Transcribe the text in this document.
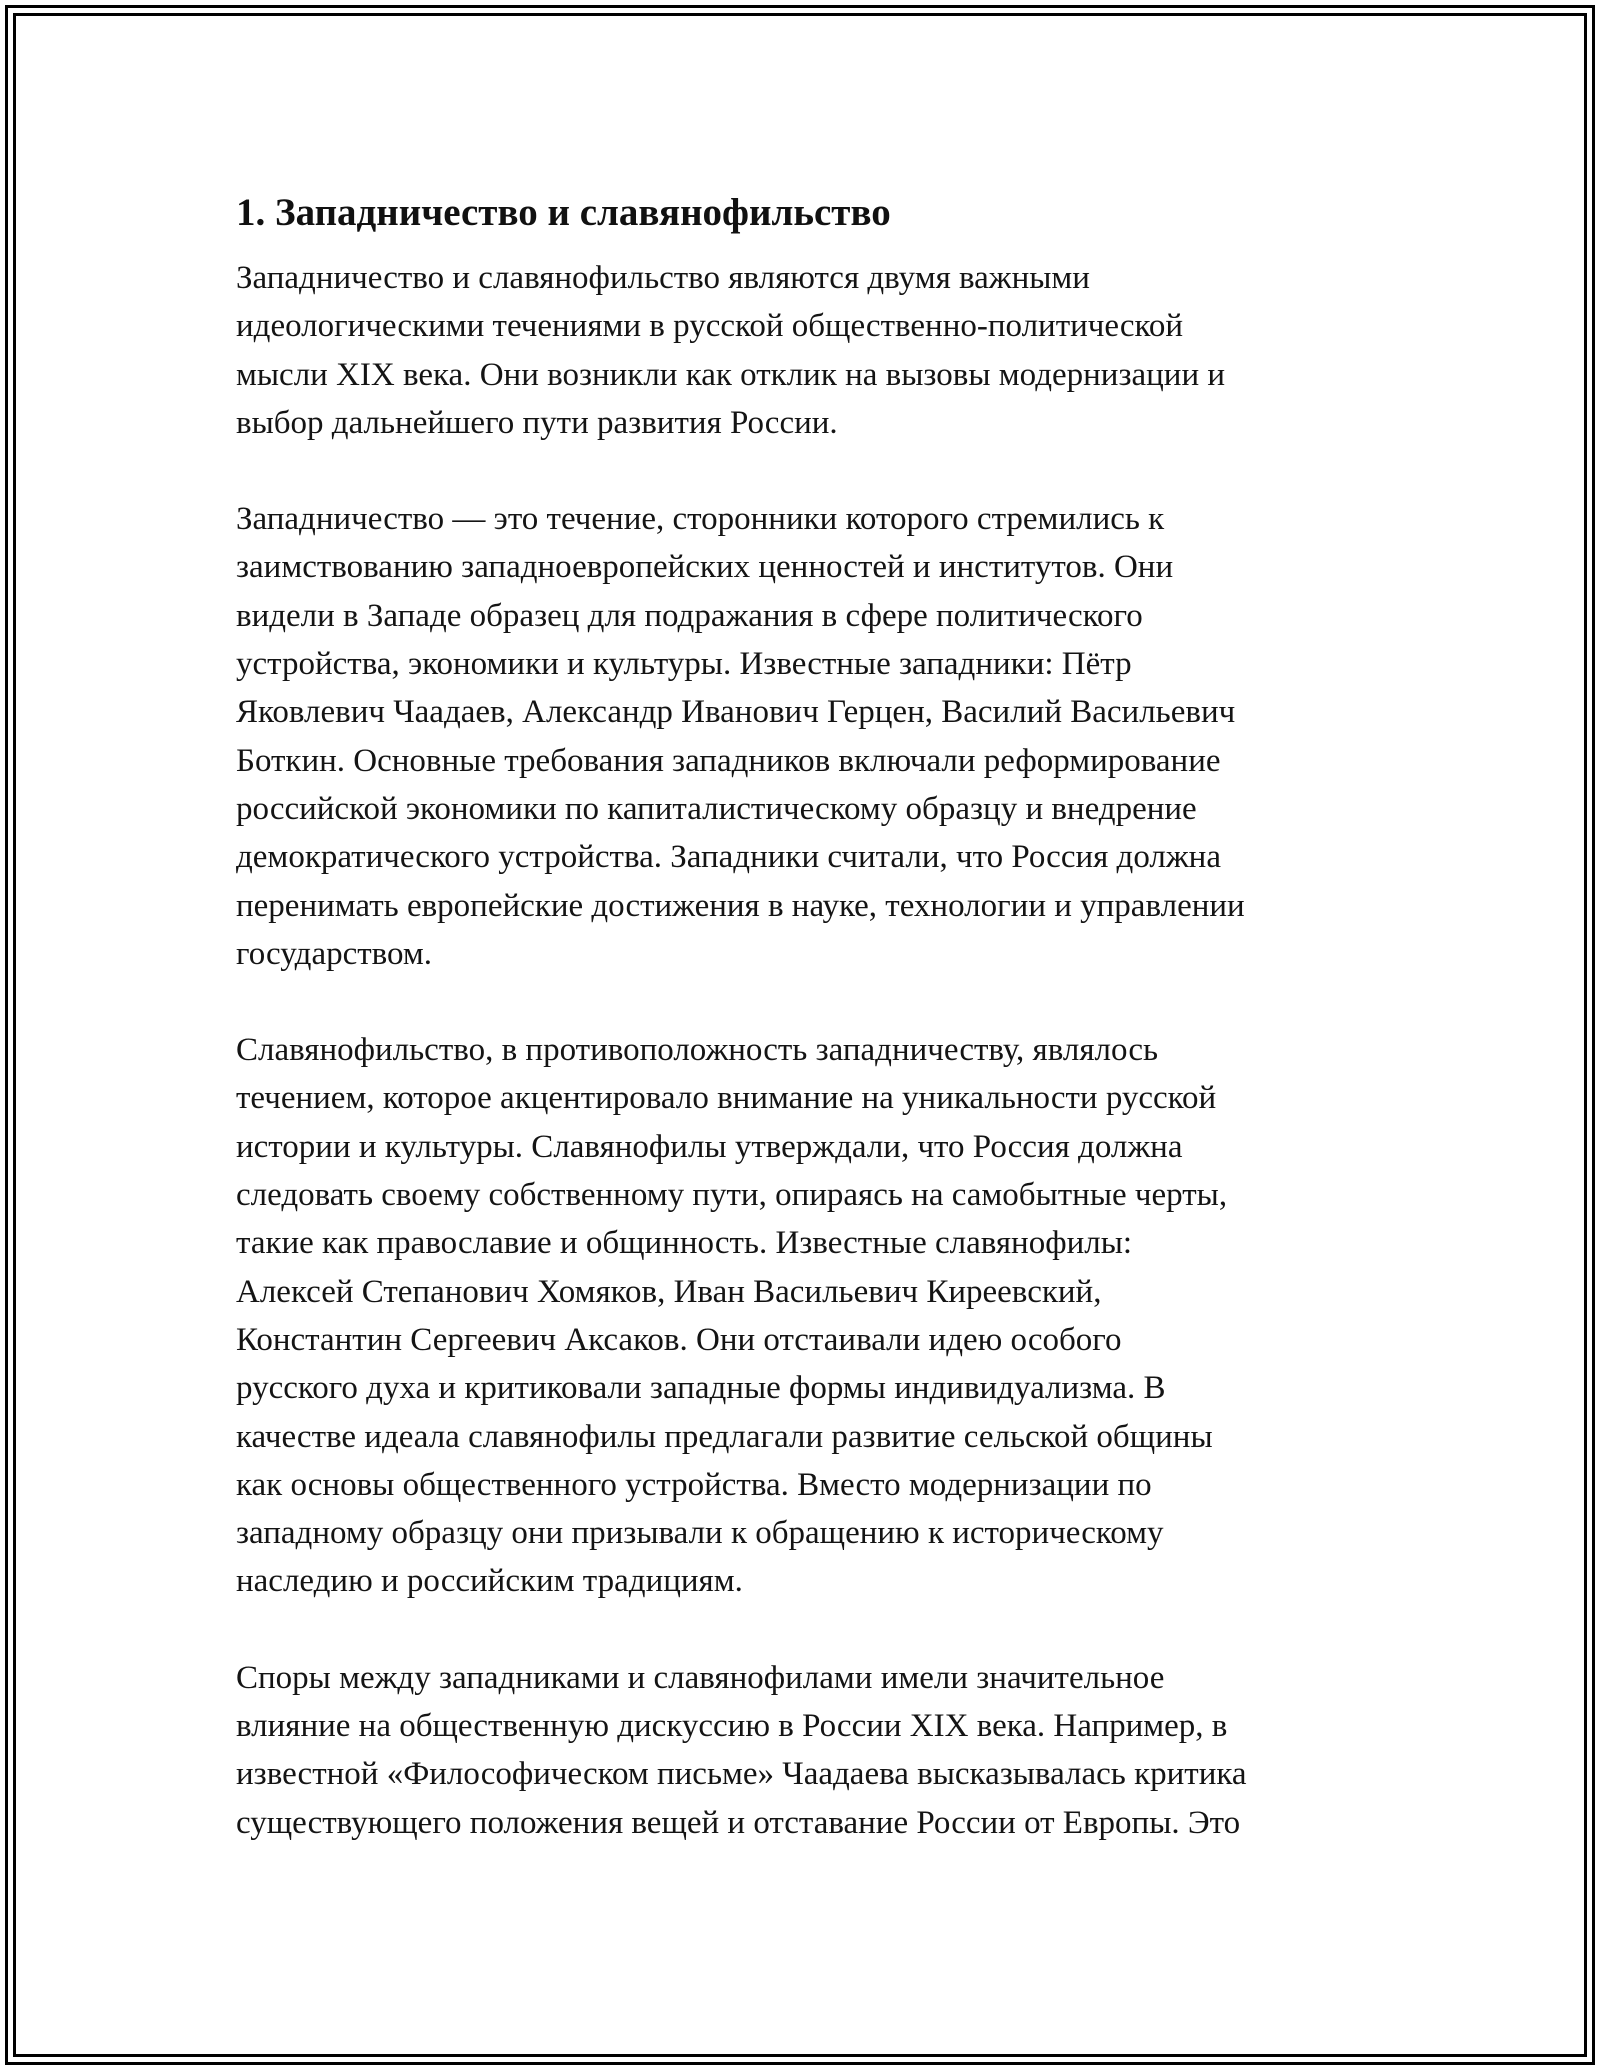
1. Западничество и славянофильство

Западничество и славянофильство являются двумя важными
идеологическими течениями в русской общественно-политической
мысли XIX века. Они возникли как отклик на вызовы модернизации и
выбор дальнейшего пути развития России.

Западничество — это течение, сторонники которого стремились к
заимствованию западноевропейских ценностей и институтов. Они
видели в Западе образец для подражания в сфере политического
устройства, экономики и культуры. Известные западники: Пётр
Яковлевич Чаадаев, Александр Иванович Герцен, Василий Васильевич
Боткин. Основные требования западников включали реформирование
российской экономики по капиталистическому образцу и внедрение
демократического устройства. Западники считали, что Россия должна
перенимать европейские достижения в науке, технологии и управлении
государством.

Славянофильство, в противоположность западничеству, являлось
течением, которое акцентировало внимание на уникальности русской
истории и культуры. Славянофилы утверждали, что Россия должна
следовать своему собственному пути, опираясь на самобытные черты,
такие как православие и общинность. Известные славянофилы:
Алексей Степанович Хомяков, Иван Васильевич Киреевский,
Константин Сергеевич Аксаков. Они отстаивали идею особого
русского духа и критиковали западные формы индивидуализма. В
качестве идеала славянофилы предлагали развитие сельской общины
как основы общественного устройства. Вместо модернизации по
западному образцу они призывали к обращению к историческому
наследию и российским традициям.

Споры между западниками и славянофилами имели значительное
влияние на общественную дискуссию в России XIX века. Например, в
известной «Философическом письме» Чаадаева высказывалась критика
существующего положения вещей и отставание России от Европы. Это
